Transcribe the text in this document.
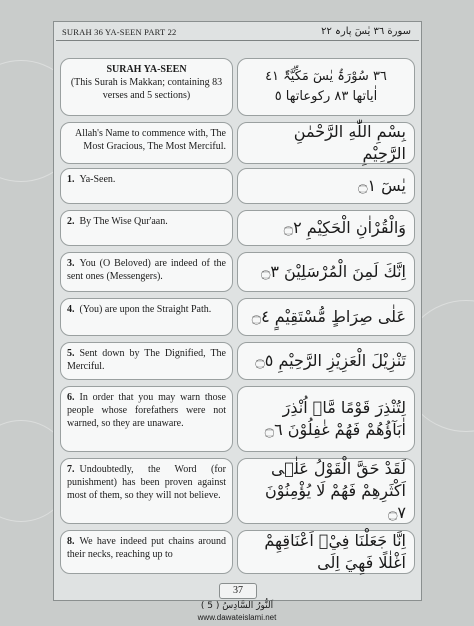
SURAH 36 YA-SEEN PART 22	سورة ٣٦ يٰسٓ پارہ ٢٢
SURAH YA-SEEN
(This Surah is Makkan; containing 83 verses and 5 sections)
٣٦ سُوْرَۃُ یٰسٓ مَکِّیَّۃٌ ٤١
اٰیاتھا ٨٣ رکوعاتھا ٥
Allah's Name to commence with, The Most Gracious, The Most Merciful.
بِسْمِ اللّٰهِ الرَّحْمٰنِ الرَّحِيْمِ
1. Ya-Seen.	يٰسٓ ۝١
2. By The Wise Qur'aan.	وَالْقُرْاٰنِ الْحَكِيْمِ ۝٢
3. You (O Beloved) are indeed of the sent ones (Messengers).	اِنَّكَ لَمِنَ الْمُرْسَلِيْنَ ۝٣
4. (You) are upon the Straight Path.	عَلٰى صِرَاطٍ مُّسْتَقِيْمٍ ۝٤
5. Sent down by The Dignified, The Merciful.	تَنْزِيْلَ الْعَزِيْزِ الرَّحِيْمِ ۝٥
6. In order that you may warn those people whose forefathers were not warned, so they are unaware.
لِتُنْذِرَ قَوْمًا مَّاۤ اُنْذِرَ اٰبَآؤُهُمْ فَهُمْ غٰفِلُوْنَ ۝٦
7. Undoubtedly, the Word (for punishment) has been proven against most of them, so they will not believe.
لَقَدْ حَقَّ الْقَوْلُ عَلٰۤى اَكْثَرِهِمْ فَهُمْ لَا يُؤْمِنُوْنَ ۝٧
8. We have indeed put chains around their necks, reaching up to
اِنَّا جَعَلْنَا فِيْۤ اَعْنَاقِهِمْ اَغْلٰلًا فَهِيَ اِلَى
37
اَلنُّورُ السَّادِسُ ( 5 )
www.dawateislami.net
